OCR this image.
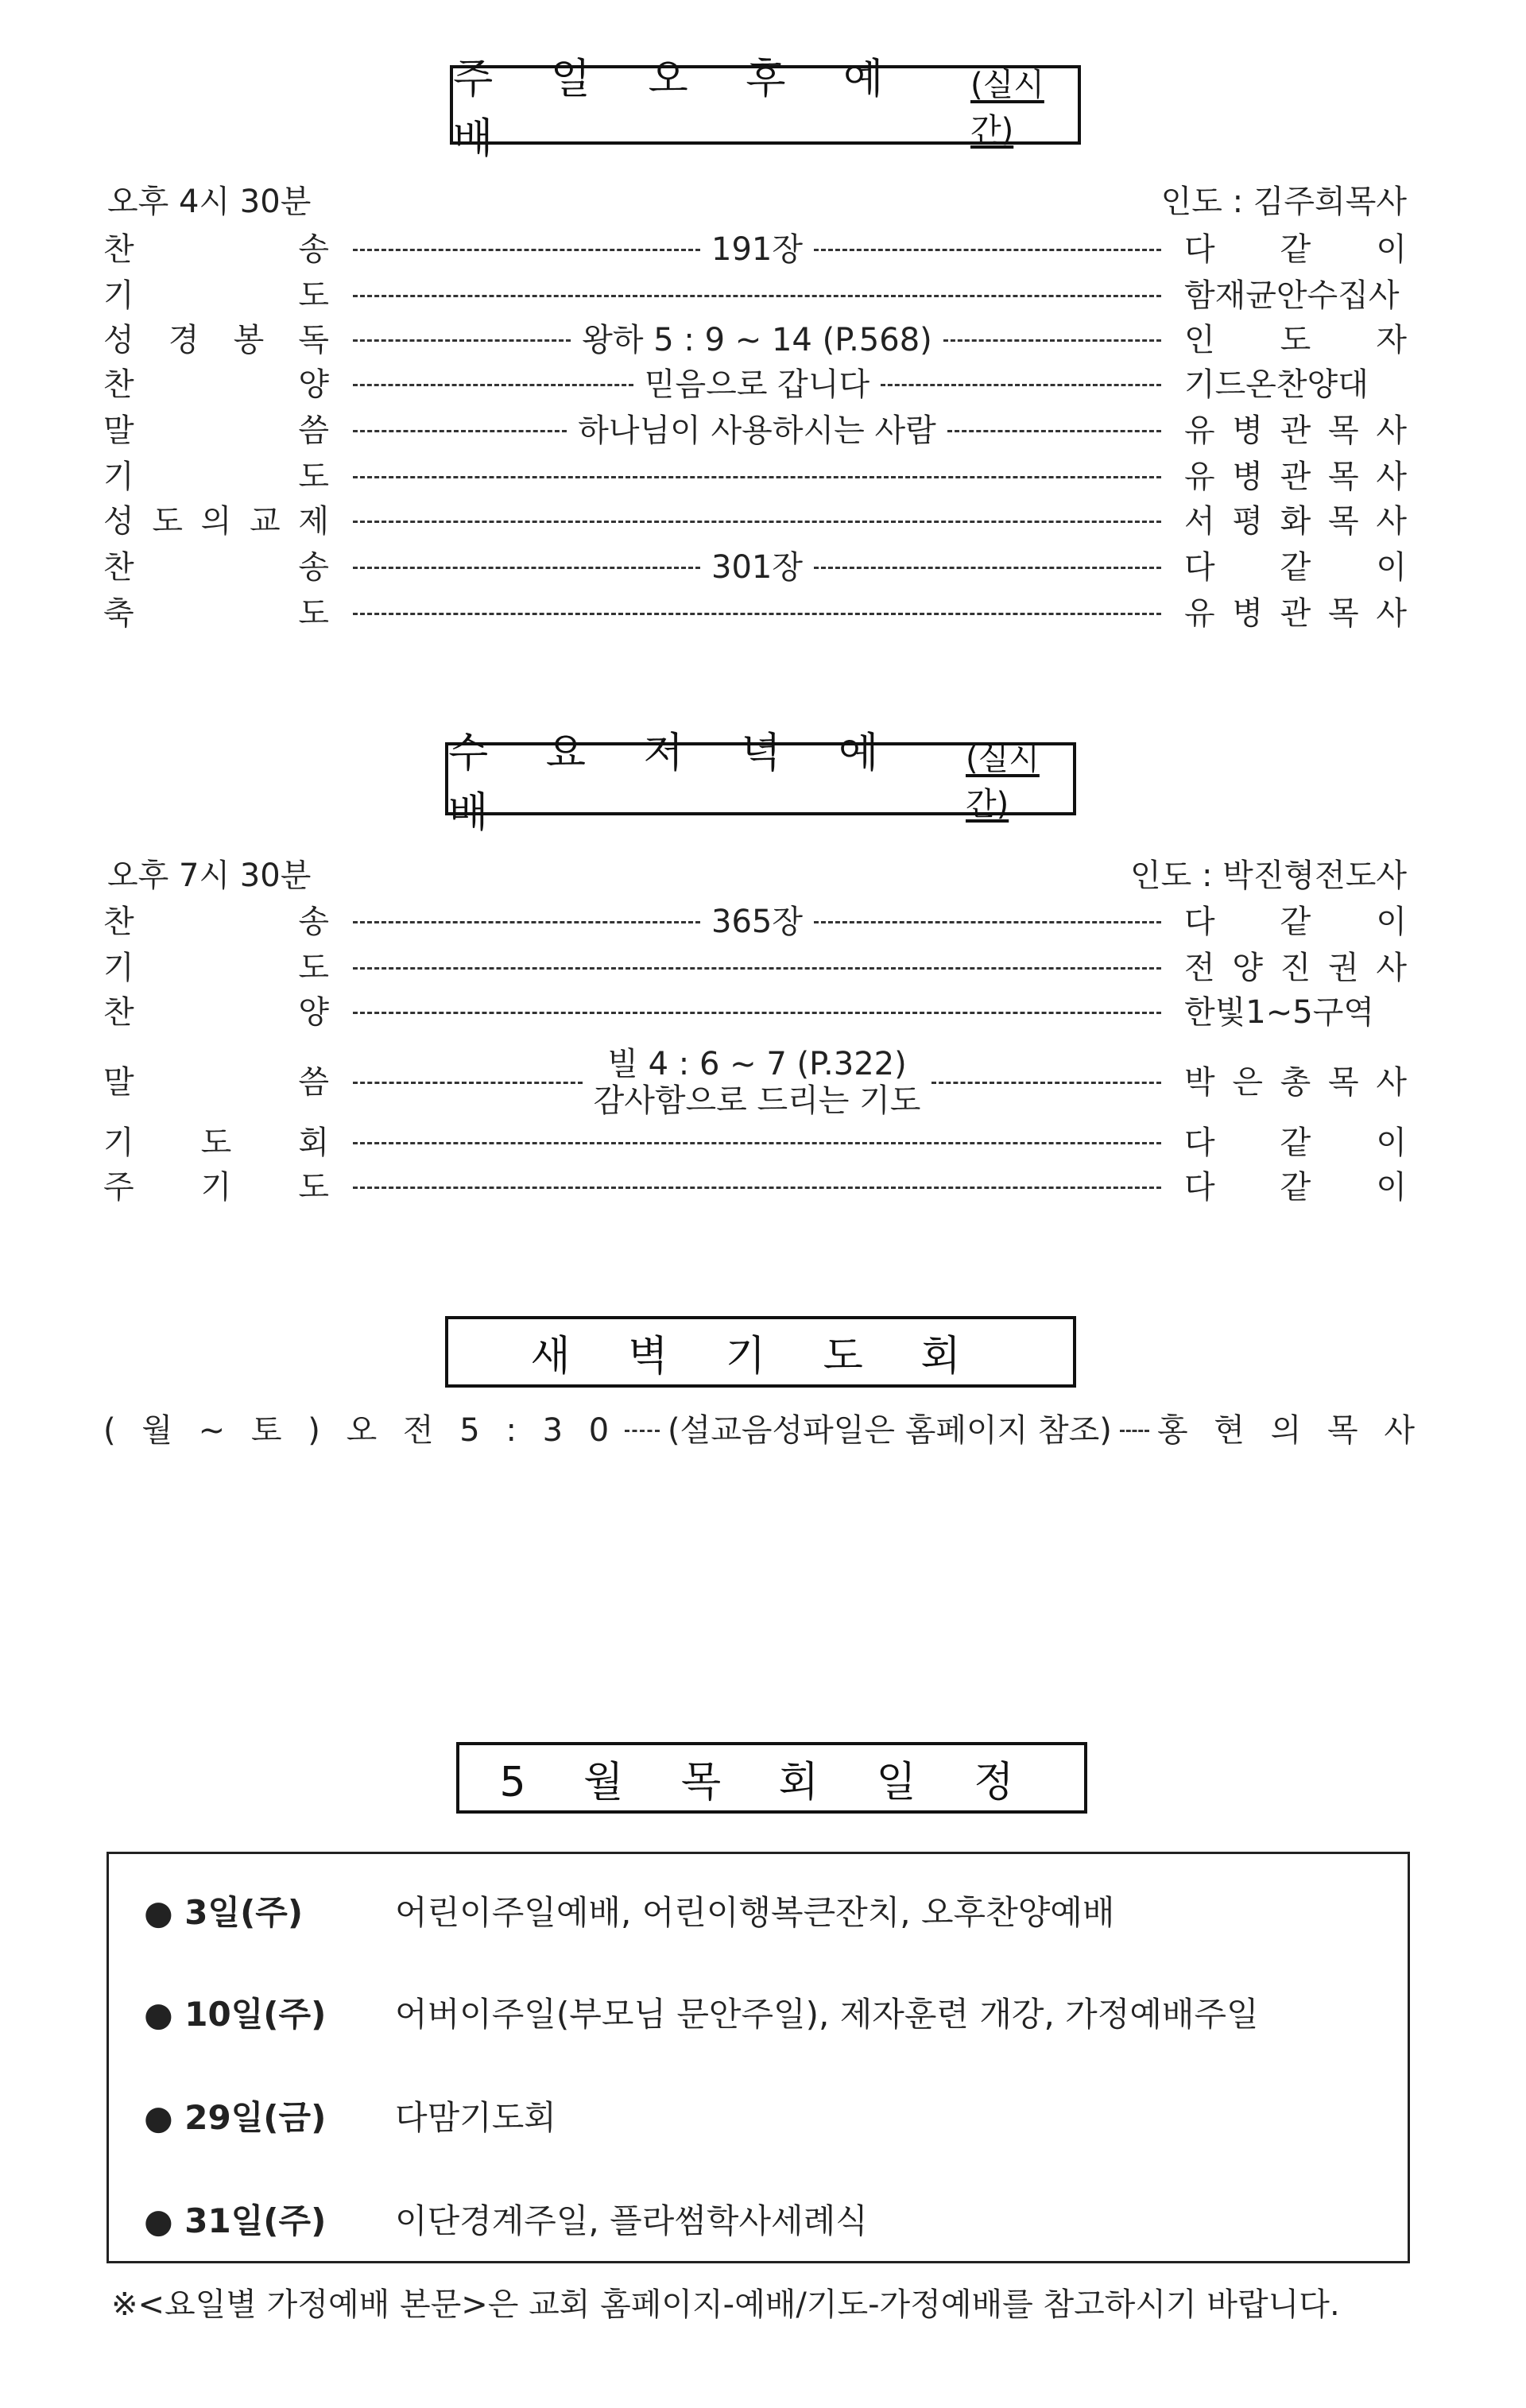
주 일 오 후 예 배
(실시간)
오후 4시 30분	인도 : 김주희목사
찬	송	191장	다 같 이
기	도	함재균안수집사
성 경 봉 독	왕하 5 : 9 ~ 14 (P.568)	인 도 자
찬	양	믿음으로 갑니다	기드온찬양대
말	씀	하나님이 사용하시는 사람	유 병 관 목 사
기	도	유 병 관 목 사
성 도 의 교 제	서 평 화 목 사
찬	송	301장	다 같 이
축	도	유 병 관 목 사
수 요 저 녁 예 배
(실시간)
오후 7시 30분	인도 : 박진형전도사
찬	송	365장	다 같 이
기	도	전 양 진 권 사
찬	양	한빛1~5구역
말	씀	빌 4 : 6 ~ 7 (P.322)
감사함으로 드리는 기도	박 은 총 목 사
기 도 회	다 같 이
주 기 도	다 같 이
새 벽 기 도 회
( 월 ~ 토 ) 오 전 5 : 3 0 (설교음성파일은 홈페이지 참조) 홍 현 의 목 사
5 월 목 회 일 정
● 3일(주)	어린이주일예배, 어린이행복큰잔치, 오후찬양예배
● 10일(주) 어버이주일(부모님 문안주일), 제자훈련 개강, 가정예배주일
● 29일(금) 다맘기도회
● 31일(주) 이단경계주일, 플라썸학사세례식
※<요일별 가정예배 본문>은 교회 홈페이지-예배/기도-가정예배를 참고하시기 바랍니다.
